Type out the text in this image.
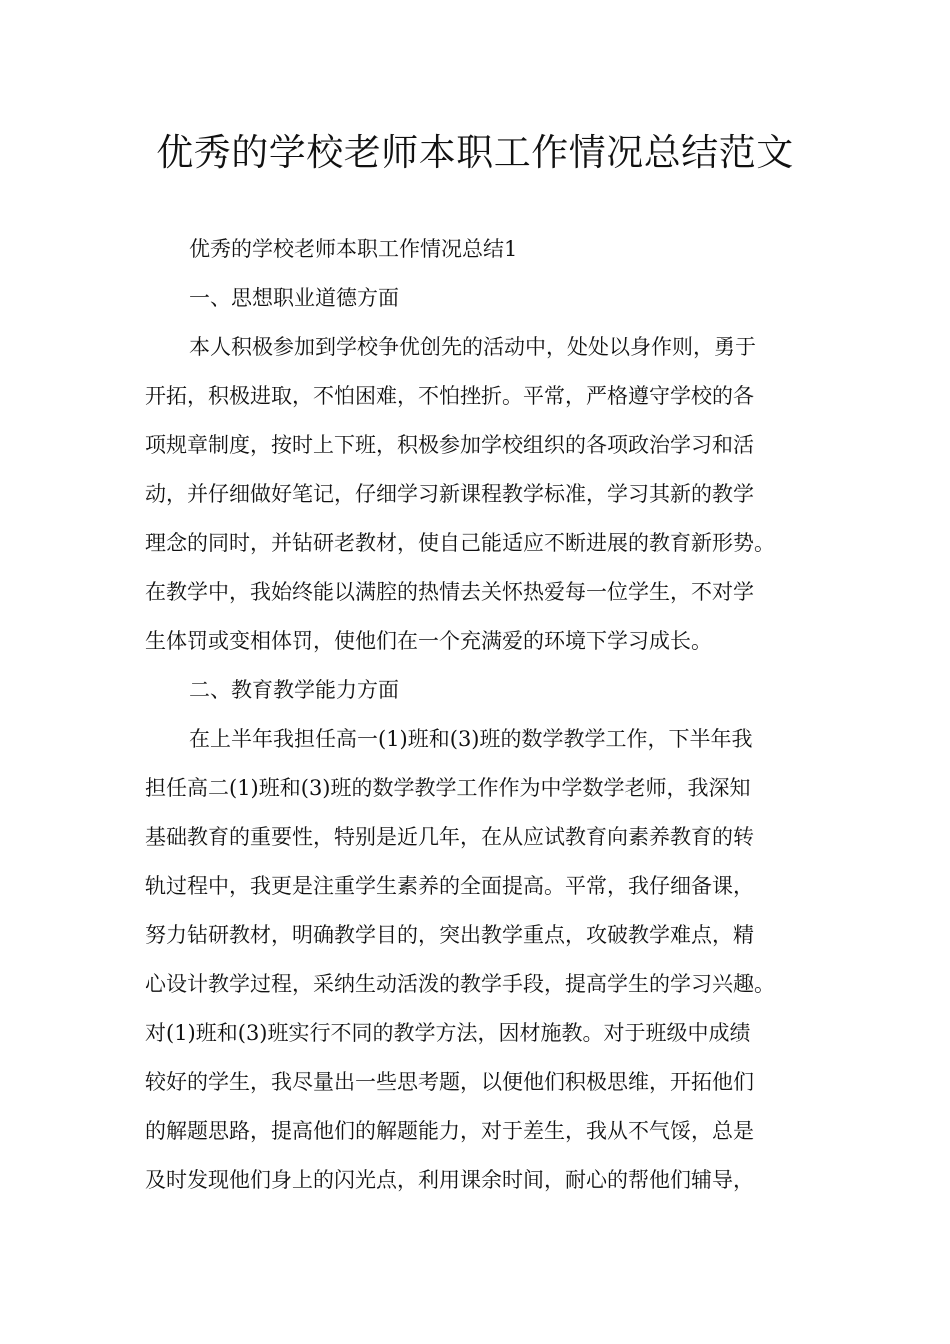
优秀的学校老师本职工作情况总结范文
优秀的学校老师本职工作情况总结1
一、思想职业道德方面
本人积极参加到学校争优创先的活动中，处处以身作则，勇于
开拓，积极进取，不怕困难，不怕挫折。平常，严格遵守学校的各
项规章制度，按时上下班，积极参加学校组织的各项政治学习和活
动，并仔细做好笔记，仔细学习新课程教学标准，学习其新的教学
理念的同时，并钻研老教材，使自己能适应不断进展的教育新形势。
在教学中，我始终能以满腔的热情去关怀热爱每一位学生，不对学
生体罚或变相体罚，使他们在一个充满爱的环境下学习成长。
二、教育教学能力方面
在上半年我担任高一(1)班和(3)班的数学教学工作，下半年我
担任高二(1)班和(3)班的数学教学工作作为中学数学老师，我深知
基础教育的重要性，特别是近几年，在从应试教育向素养教育的转
轨过程中，我更是注重学生素养的全面提高。平常，我仔细备课，
努力钻研教材，明确教学目的，突出教学重点，攻破教学难点，精
心设计教学过程，采纳生动活泼的教学手段，提高学生的学习兴趣。
对(1)班和(3)班实行不同的教学方法，因材施教。对于班级中成绩
较好的学生，我尽量出一些思考题，以便他们积极思维，开拓他们
的解题思路，提高他们的解题能力，对于差生，我从不气馁，总是
及时发现他们身上的闪光点，利用课余时间，耐心的帮他们辅导，
